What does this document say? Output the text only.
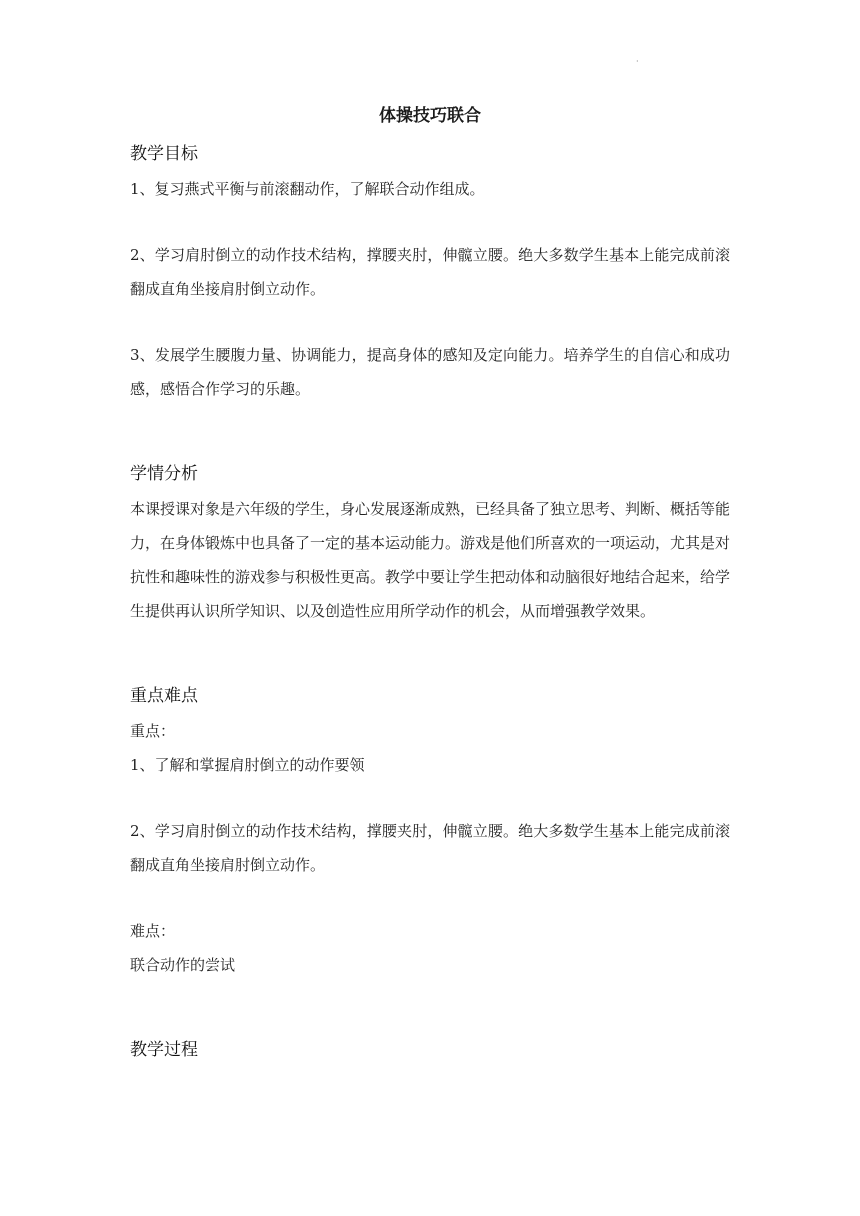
·
体操技巧联合
教学目标

1、复习燕式平衡与前滚翻动作，了解联合动作组成。

2、学习肩肘倒立的动作技术结构，撑腰夹肘，伸髋立腰。绝大多数学生基本上能完成前滚翻成直角坐接肩肘倒立动作。

3、发展学生腰腹力量、协调能力，提高身体的感知及定向能力。培养学生的自信心和成功感，感悟合作学习的乐趣。

学情分析

本课授课对象是六年级的学生，身心发展逐渐成熟，已经具备了独立思考、判断、概括等能力，在身体锻炼中也具备了一定的基本运动能力。游戏是他们所喜欢的一项运动，尤其是对抗性和趣味性的游戏参与积极性更高。教学中要让学生把动体和动脑很好地结合起来，给学生提供再认识所学知识、以及创造性应用所学动作的机会，从而增强教学效果。

重点难点

重点：

1、了解和掌握肩肘倒立的动作要领

2、学习肩肘倒立的动作技术结构，撑腰夹肘，伸髋立腰。绝大多数学生基本上能完成前滚翻成直角坐接肩肘倒立动作。

难点：

联合动作的尝试

教学过程
